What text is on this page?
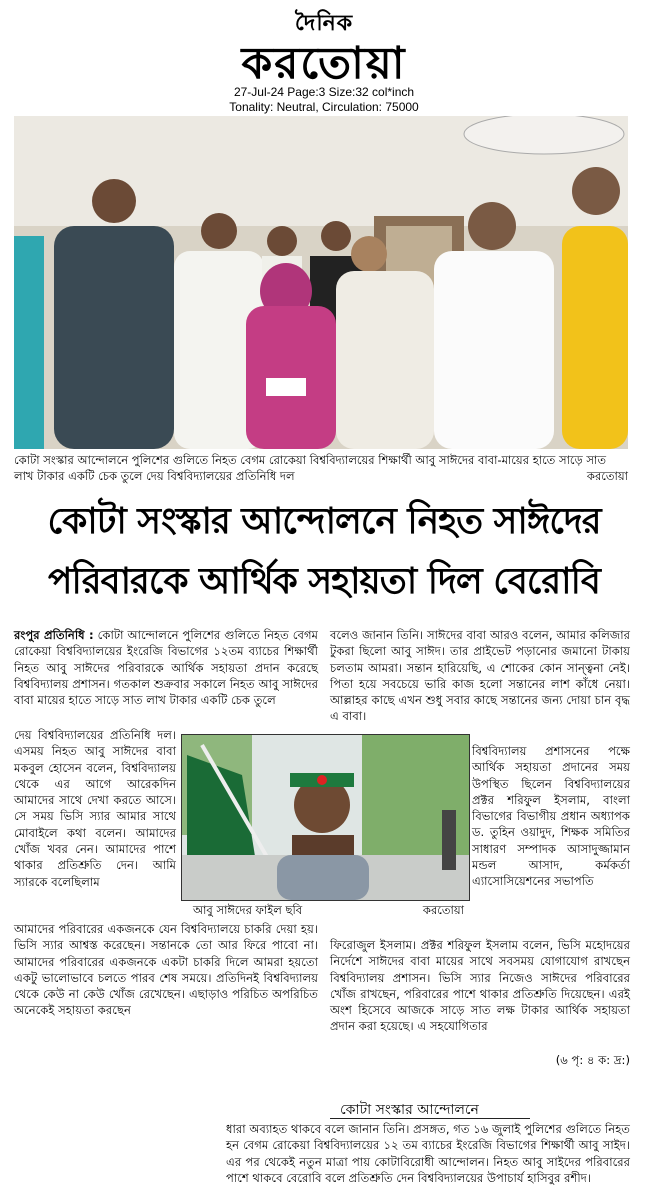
দৈনিক
করতোয়া
27-Jul-24 Page:3 Size:32 col*inch
Tonality: Neutral, Circulation: 75000
কোটা সংস্কার আন্দোলনে পুলিশের গুলিতে নিহত বেগম রোকেয়া বিশ্ববিদ্যালয়ের শিক্ষার্থী আবু সাঈদের বাবা-মায়ের হাতে সাড়ে সাত লাখ টাকার একটি চেক তুলে দেয় বিশ্ববিদ্যালয়ের প্রতিনিধি দল	করতোয়া
কোটা সংস্কার আন্দোলনে নিহত সাঈদের
পরিবারকে আর্থিক সহায়তা দিল বেরোবি
রংপুর প্রতিনিধি : কোটা আন্দোলনে পুলিশের গুলিতে নিহত বেগম রোকেয়া বিশ্ববিদ্যালয়ের ইংরেজি বিভাগের ১২তম ব্যাচের শিক্ষার্থী নিহত আবু সাঈদের পরিবারকে আর্থিক সহায়তা প্রদান করেছে বিশ্ববিদ্যালয় প্রশাসন। গতকাল শুক্রবার সকালে নিহত আবু সাঈদের বাবা মায়ের হাতে সাড়ে সাত লাখ টাকার একটি চেক তুলে
দেয় বিশ্ববিদ্যালয়ের প্রতিনিধি দল। এসময় নিহত আবু সাঈদের বাবা মকবুল হোসেন বলেন, বিশ্ববিদ্যালয় থেকে এর আগে আরেকদিন আমাদের সাথে দেখা করতে আসে। সে সময় ভিসি স্যার আমার সাথে মোবাইলে কথা বলেন। আমাদের খোঁজ খবর নেন। আমাদের পাশে থাকার প্রতিশ্রুতি দেন। আমি স্যারকে বলেছিলাম
আবু সাঈদের ফাইল ছবি	করতোয়া
আমাদের পরিবারের একজনকে যেন বিশ্ববিদ্যালয়ে চাকরি দেয়া হয়। ভিসি স্যার আশ্বস্ত করেছেন। সন্তানকে তো আর ফিরে পাবো না। আমাদের পরিবারের একজনকে একটা চাকরি দিলে আমরা হয়তো একটু ভালোভাবে চলতে পারব শেষ সময়ে। প্রতিদিনই বিশ্ববিদ্যালয় থেকে কেউ না কেউ খোঁজ রেখেছেন। এছাড়াও পরিচিত অপরিচিত অনেকেই সহায়তা করছেন
বলেও জানান তিনি। সাঈদের বাবা আরও বলেন, আমার কলিজার টুকরা ছিলো আবু সাঈদ। তার প্রাইভেট পড়ানোর জমানো টাকায় চলতাম আমরা। সন্তান হারিয়েছি, এ শোকের কোন সান্ত্বনা নেই। পিতা হয়ে সবচেয়ে ভারি কাজ হলো সন্তানের লাশ কাঁধে নেয়া। আল্লাহর কাছে এখন শুধু সবার কাছে সন্তানের জন্য দোয়া চান বৃদ্ধ এ বাবা।
বিশ্ববিদ্যালয় প্রশাসনের পক্ষে আর্থিক সহায়তা প্রদানের সময় উপস্থিত ছিলেন বিশ্ববিদ্যালয়ের প্রক্টর শরিফুল ইসলাম, বাংলা বিভাগের বিভাগীয় প্রধান অধ্যাপক ড. তুহিন ওয়াদুদ, শিক্ষক সমিতির সাধারণ সম্পাদক আসাদুজ্জামান মন্ডল আসাদ, কর্মকর্তা এ্যাসোসিয়েশনের সভাপতি
ফিরোজুল ইসলাম। প্রক্টর শরিফুল ইসলাম বলেন, ভিসি মহোদয়ের নির্দেশে সাঈদের বাবা মায়ের সাথে সবসময় যোগাযোগ রাখছেন বিশ্ববিদ্যালয় প্রশাসন। ভিসি স্যার নিজেও সাঈদের পরিবারের খোঁজ রাখছেন, পরিবারের পাশে থাকার প্রতিশ্রুতি দিয়েছেন। এরই অংশ হিসেবে আজকে সাড়ে সাত লক্ষ টাকার আর্থিক সহায়তা প্রদান করা হয়েছে। এ সহযোগিতার
(৬ পৃ: ৪ ক: দ্র:)
কোটা সংস্কার আন্দোলনে
ধারা অব্যাহত থাকবে বলে জানান তিনি। প্রসঙ্গত, গত ১৬ জুলাই পুলিশের গুলিতে নিহত হন বেগম রোকেয়া বিশ্ববিদ্যালয়ের ১২ তম ব্যাচের ইংরেজি বিভাগের শিক্ষার্থী আবু সাইদ। এর পর থেকেই নতুন মাত্রা পায় কোটাবিরোধী আন্দোলন। নিহত আবু সাইদের পরিবারের পাশে থাকবে বেরোবি বলে প্রতিশ্রুতি দেন বিশ্ববিদ্যালয়ের উপাচার্য হাসিবুর রশীদ।
